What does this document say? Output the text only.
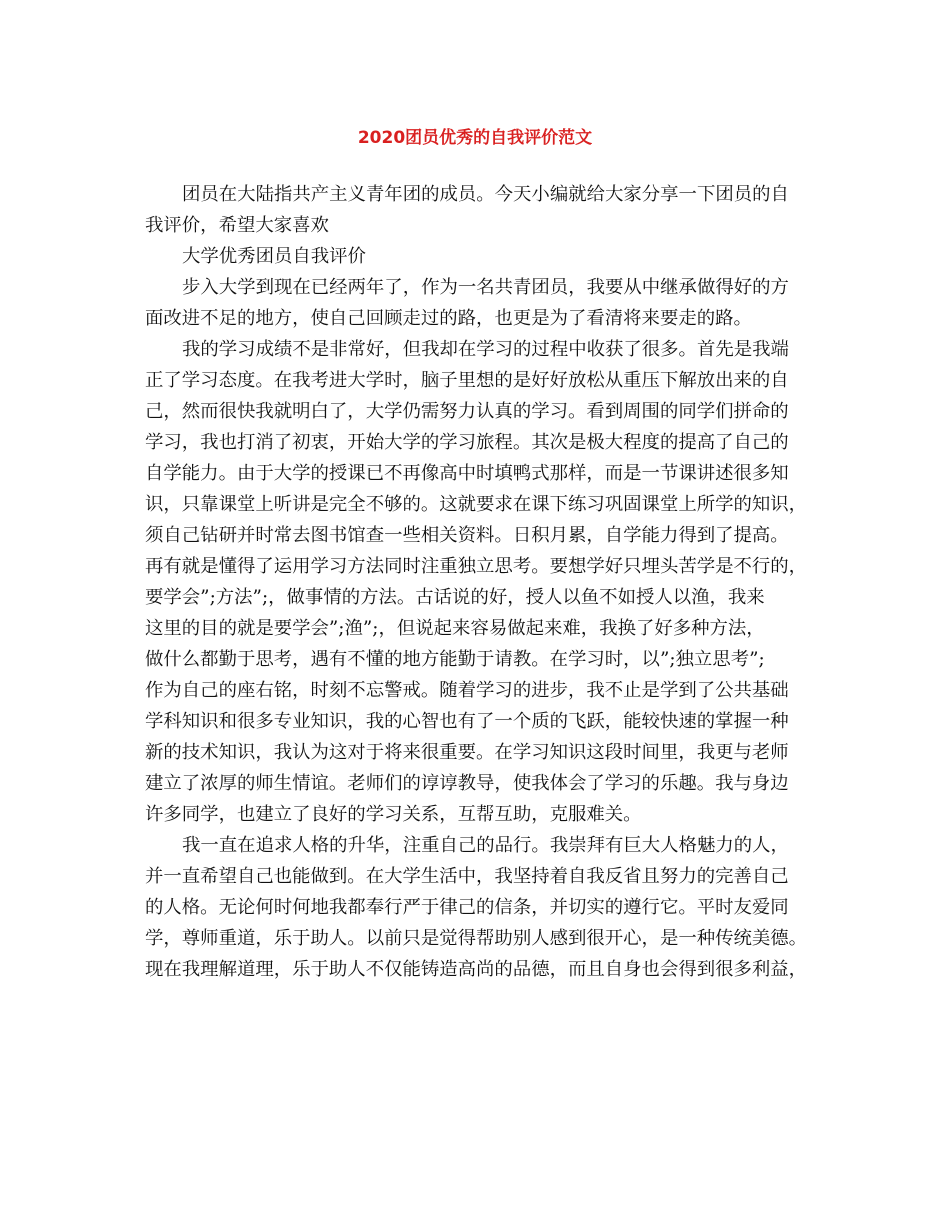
2020团员优秀的自我评价范文
团员在大陆指共产主义青年团的成员。今天小编就给大家分享一下团员的自
我评价，希望大家喜欢
大学优秀团员自我评价
步入大学到现在已经两年了，作为一名共青团员，我要从中继承做得好的方
面改进不足的地方，使自己回顾走过的路，也更是为了看清将来要走的路。
我的学习成绩不是非常好，但我却在学习的过程中收获了很多。首先是我端
正了学习态度。在我考进大学时，脑子里想的是好好放松从重压下解放出来的自
己，然而很快我就明白了，大学仍需努力认真的学习。看到周围的同学们拼命的
学习，我也打消了初衷，开始大学的学习旅程。其次是极大程度的提高了自己的
自学能力。由于大学的授课已不再像高中时填鸭式那样，而是一节课讲述很多知
识，只靠课堂上听讲是完全不够的。这就要求在课下练习巩固课堂上所学的知识，
须自己钻研并时常去图书馆查一些相关资料。日积月累，自学能力得到了提高。
再有就是懂得了运用学习方法同时注重独立思考。要想学好只埋头苦学是不行的，
要学会”;方法”;，做事情的方法。古话说的好，授人以鱼不如授人以渔，我来
这里的目的就是要学会”;渔”;，但说起来容易做起来难，我换了好多种方法，
做什么都勤于思考，遇有不懂的地方能勤于请教。在学习时，以”;独立思考”;
作为自己的座右铭，时刻不忘警戒。随着学习的进步，我不止是学到了公共基础
学科知识和很多专业知识，我的心智也有了一个质的飞跃，能较快速的掌握一种
新的技术知识，我认为这对于将来很重要。在学习知识这段时间里，我更与老师
建立了浓厚的师生情谊。老师们的谆谆教导，使我体会了学习的乐趣。我与身边
许多同学，也建立了良好的学习关系，互帮互助，克服难关。
我一直在追求人格的升华，注重自己的品行。我崇拜有巨大人格魅力的人，
并一直希望自己也能做到。在大学生活中，我坚持着自我反省且努力的完善自己
的人格。无论何时何地我都奉行严于律己的信条，并切实的遵行它。平时友爱同
学，尊师重道，乐于助人。以前只是觉得帮助别人感到很开心，是一种传统美德。
现在我理解道理，乐于助人不仅能铸造高尚的品德，而且自身也会得到很多利益，
